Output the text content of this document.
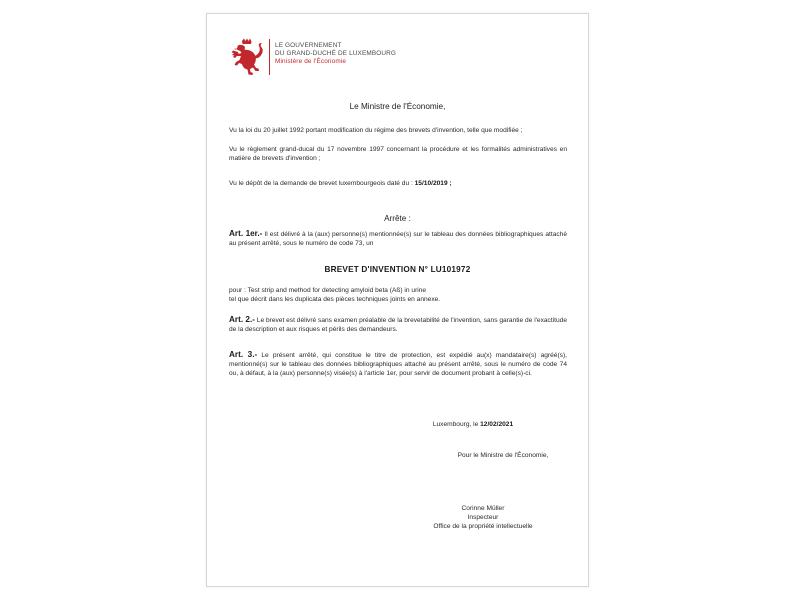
LE GOUVERNEMENT
DU GRAND-DUCHÉ DE LUXEMBOURG
Ministère de l'Économie
Le Ministre de l'Économie,
Vu la loi du 20 juillet 1992 portant modification du régime des brevets d'invention, telle que modifiée ;
Vu le règlement grand-ducal du 17 novembre 1997 concernant la procédure et les formalités administratives en matière de brevets d'invention ;
Vu le dépôt de la demande de brevet luxembourgeois daté du : 15/10/2019 ;
Arrête :
Art. 1er.- Il est délivré à la (aux) personne(s) mentionnée(s) sur le tableau des données bibliographiques attaché au présent arrêté, sous le numéro de code 73, un
BREVET D'INVENTION N° LU101972
pour : Test strip and method for detecting amyloid beta (Aß) in urine
tel que décrit dans les duplicata des pièces techniques joints en annexe.
Art. 2.- Le brevet est délivré sans examen préalable de la brevetabilité de l'invention, sans garantie de l'exactitude de la description et aux risques et périls des demandeurs.
Art. 3.- Le présent arrêté, qui constitue le titre de protection, est expédié au(x) mandataire(s) agréé(s), mentionné(s) sur le tableau des données bibliographiques attaché au présent arrêté, sous le numéro de code 74 ou, à défaut, à la (aux) personne(s) visée(s) à l'article 1er, pour servir de document probant à celle(s)-ci.
Luxembourg, le 12/02/2021
Pour le Ministre de l'Économie,
Corinne Müller
Inspecteur
Office de la propriété intellectuelle
